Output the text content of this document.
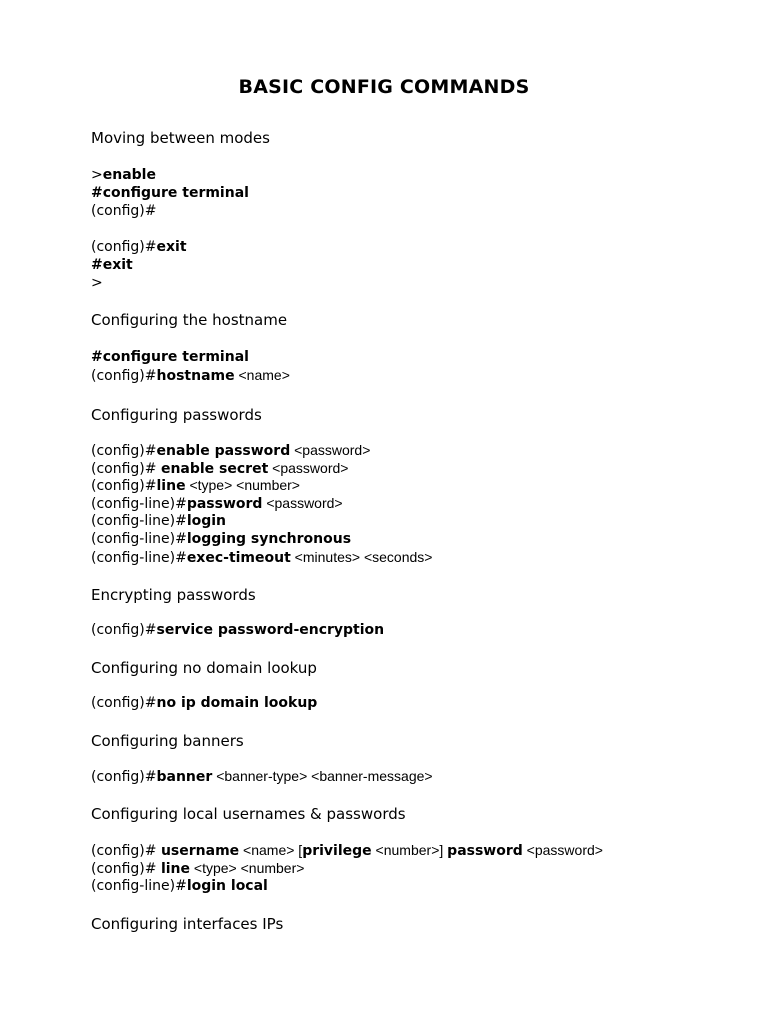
BASIC CONFIG COMMANDS
Moving between modes
>enable
#configure terminal
(config)#
(config)#exit
#exit
>
Configuring the hostname
#configure terminal
(config)#hostname <name>
Configuring passwords
(config)#enable password <password>
(config)# enable secret <password>
(config)#line <type> <number>
(config-line)#password <password>
(config-line)#login
(config-line)#logging synchronous
(config-line)#exec-timeout <minutes> <seconds>
Encrypting passwords
(config)#service password-encryption
Configuring no domain lookup
(config)#no ip domain lookup
Configuring banners
(config)#banner <banner-type> <banner-message>
Configuring local usernames & passwords
(config)# username <name> [privilege <number>] password <password>
(config)# line <type> <number>
(config-line)#login local
Configuring interfaces IPs
